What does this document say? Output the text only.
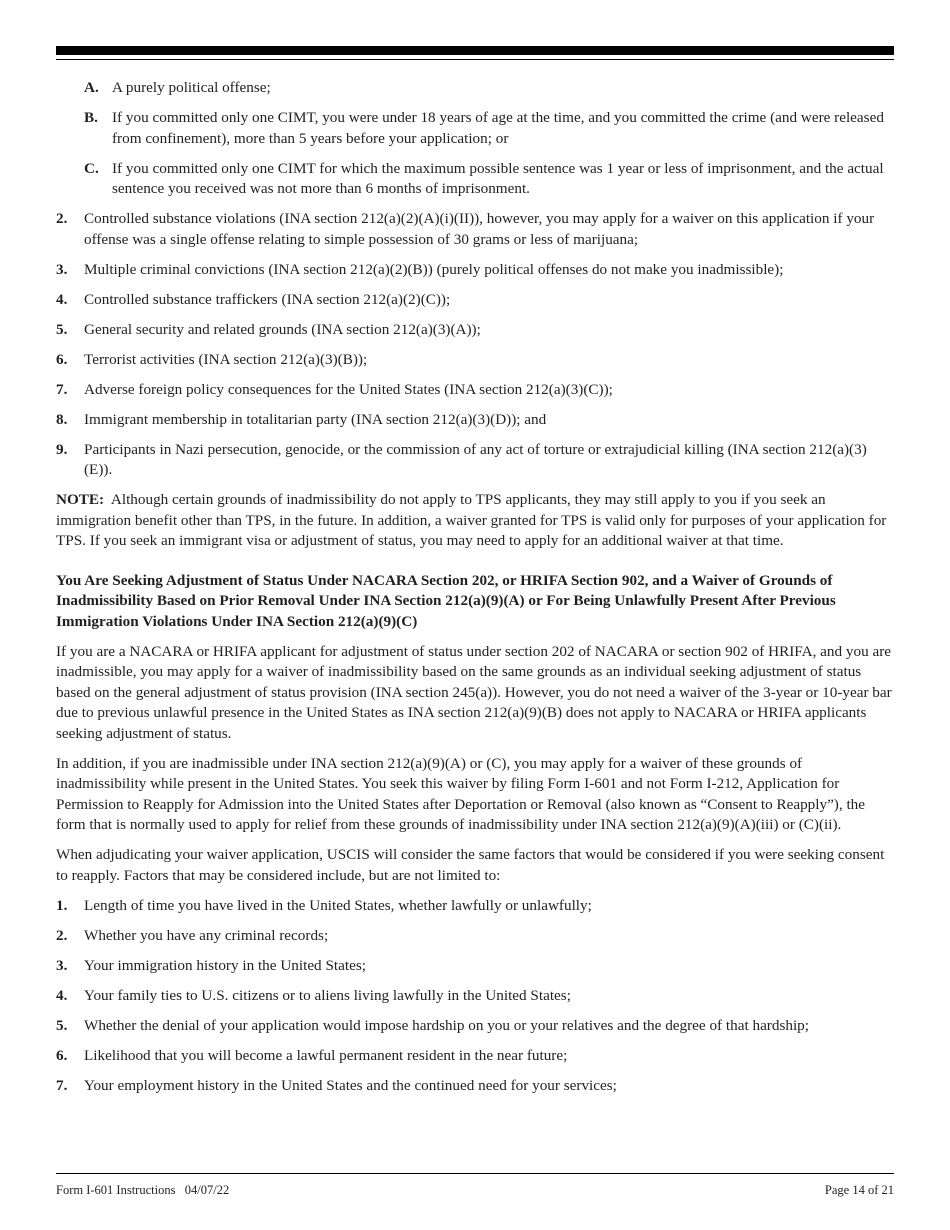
A. A purely political offense;

B. If you committed only one CIMT, you were under 18 years of age at the time, and you committed the crime (and were released from confinement), more than 5 years before your application; or

C. If you committed only one CIMT for which the maximum possible sentence was 1 year or less of imprisonment, and the actual sentence you received was not more than 6 months of imprisonment.

2. Controlled substance violations (INA section 212(a)(2)(A)(i)(II)), however, you may apply for a waiver on this application if your offense was a single offense relating to simple possession of 30 grams or less of marijuana;

3. Multiple criminal convictions (INA section 212(a)(2)(B)) (purely political offenses do not make you inadmissible);

4. Controlled substance traffickers (INA section 212(a)(2)(C));

5. General security and related grounds (INA section 212(a)(3)(A));

6. Terrorist activities (INA section 212(a)(3)(B));

7. Adverse foreign policy consequences for the United States (INA section 212(a)(3)(C));

8. Immigrant membership in totalitarian party (INA section 212(a)(3)(D)); and

9. Participants in Nazi persecution, genocide, or the commission of any act of torture or extrajudicial killing (INA section 212(a)(3)(E)).

NOTE: Although certain grounds of inadmissibility do not apply to TPS applicants, they may still apply to you if you seek an immigration benefit other than TPS, in the future. In addition, a waiver granted for TPS is valid only for purposes of your application for TPS. If you seek an immigrant visa or adjustment of status, you may need to apply for an additional waiver at that time.

You Are Seeking Adjustment of Status Under NACARA Section 202, or HRIFA Section 902, and a Waiver of Grounds of Inadmissibility Based on Prior Removal Under INA Section 212(a)(9)(A) or For Being Unlawfully Present After Previous Immigration Violations Under INA Section 212(a)(9)(C)

If you are a NACARA or HRIFA applicant for adjustment of status under section 202 of NACARA or section 902 of HRIFA, and you are inadmissible, you may apply for a waiver of inadmissibility based on the same grounds as an individual seeking adjustment of status based on the general adjustment of status provision (INA section 245(a)). However, you do not need a waiver of the 3-year or 10-year bar due to previous unlawful presence in the United States as INA section 212(a)(9)(B) does not apply to NACARA or HRIFA applicants seeking adjustment of status.

In addition, if you are inadmissible under INA section 212(a)(9)(A) or (C), you may apply for a waiver of these grounds of inadmissibility while present in the United States. You seek this waiver by filing Form I-601 and not Form I-212, Application for Permission to Reapply for Admission into the United States after Deportation or Removal (also known as “Consent to Reapply”), the form that is normally used to apply for relief from these grounds of inadmissibility under INA section 212(a)(9)(A)(iii) or (C)(ii).

When adjudicating your waiver application, USCIS will consider the same factors that would be considered if you were seeking consent to reapply. Factors that may be considered include, but are not limited to:

1. Length of time you have lived in the United States, whether lawfully or unlawfully;

2. Whether you have any criminal records;

3. Your immigration history in the United States;

4. Your family ties to U.S. citizens or to aliens living lawfully in the United States;

5. Whether the denial of your application would impose hardship on you or your relatives and the degree of that hardship;

6. Likelihood that you will become a lawful permanent resident in the near future;

7. Your employment history in the United States and the continued need for your services;

Form I-601 Instructions   04/07/22	Page 14 of 21
